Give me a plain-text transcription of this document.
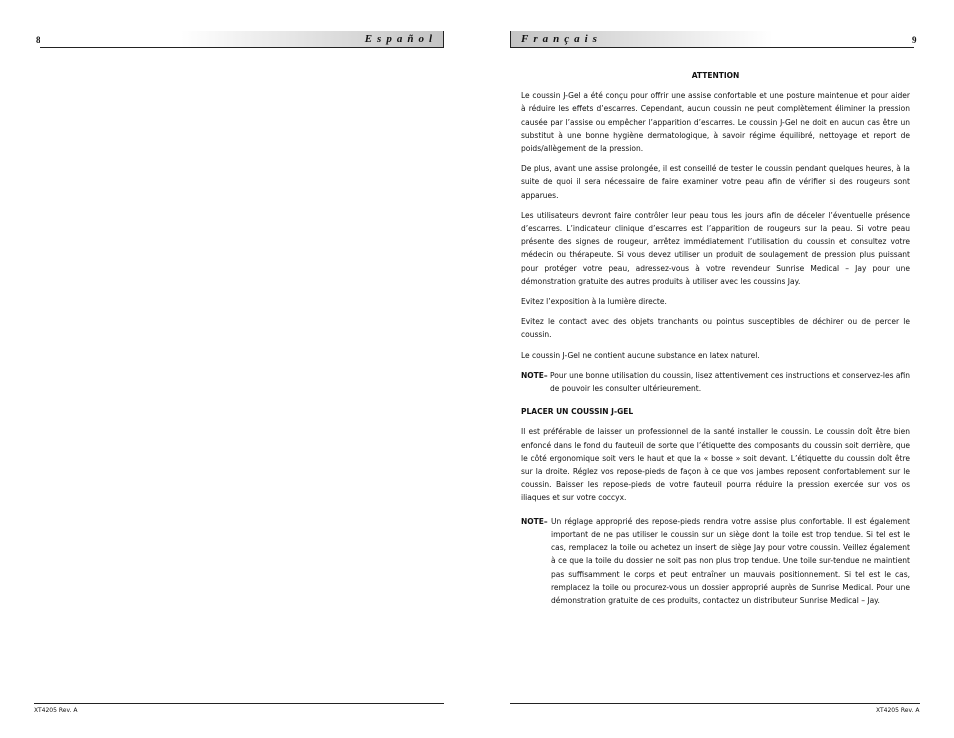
8	Español
XT4205 Rev. A
Français	9
ATTENTION

Le coussin J-Gel a été conçu pour offrir une assise confortable et une posture maintenue et pour aider à réduire les effets d’escarres. Cependant, aucun coussin ne peut complètement éliminer la pression causée par l’assise ou empêcher l’apparition d’escarres. Le coussin J-Gel ne doit en aucun cas être un substitut à une bonne hygiène dermatologique, à savoir régime équilibré, nettoyage et report de poids/allègement de la pression.

De plus, avant une assise prolongée, il est conseillé de tester le coussin pendant quelques heures, à la suite de quoi il sera nécessaire de faire examiner votre peau afin de vérifier si des rougeurs sont apparues.

Les utilisateurs devront faire contrôler leur peau tous les jours afin de déceler l’éventuelle présence d’escarres. L’indicateur clinique d’escarres est l’apparition de rougeurs sur la peau. Si votre peau présente des signes de rougeur, arrêtez immédiatement l’utilisation du coussin et consultez votre médecin ou thérapeute. Si vous devez utiliser un produit de soulagement de pression plus puissant pour protéger votre peau, adressez-vous à votre revendeur Sunrise Medical – Jay pour une démonstration gratuite des autres produits à utiliser avec les coussins Jay.

Evitez l’exposition à la lumière directe.

Evitez le contact avec des objets tranchants ou pointus susceptibles de déchirer ou de percer le coussin.

Le coussin J-Gel ne contient aucune substance en latex naturel.

NOTE– Pour une bonne utilisation du coussin, lisez attentivement ces instructions et conservez-les afin de pouvoir les consulter ultérieurement.
PLACER UN COUSSIN J-GEL

Il est préférable de laisser un professionnel de la santé installer le coussin. Le coussin doît être bien enfoncé dans le fond du fauteuil de sorte que l’étiquette des composants du coussin soit derrière, que le côté ergonomique soit vers le haut et que la « bosse » soit devant. L’étiquette du coussin doît être sur la droite. Réglez vos repose-pieds de façon à ce que vos jambes reposent confortablement sur le coussin. Baisser les repose-pieds de votre fauteuil pourra réduire la pression exercée sur vos os iliaques et sur votre coccyx.

NOTE– Un réglage approprié des repose-pieds rendra votre assise plus confortable. Il est également important de ne pas utiliser le coussin sur un siège dont la toile est trop tendue. Si tel est le cas, remplacez la toile ou achetez un insert de siège Jay pour votre coussin. Veillez également à ce que la toile du dossier ne soit pas non plus trop tendue. Une toile sur-tendue ne maintient pas suffisamment le corps et peut entraîner un mauvais positionnement. Si tel est le cas, remplacez la toile ou procurez-vous un dossier approprié auprès de Sunrise Medical. Pour une démonstration gratuite de ces produits, contactez un distributeur Sunrise Medical – Jay.
XT4205 Rev. A
